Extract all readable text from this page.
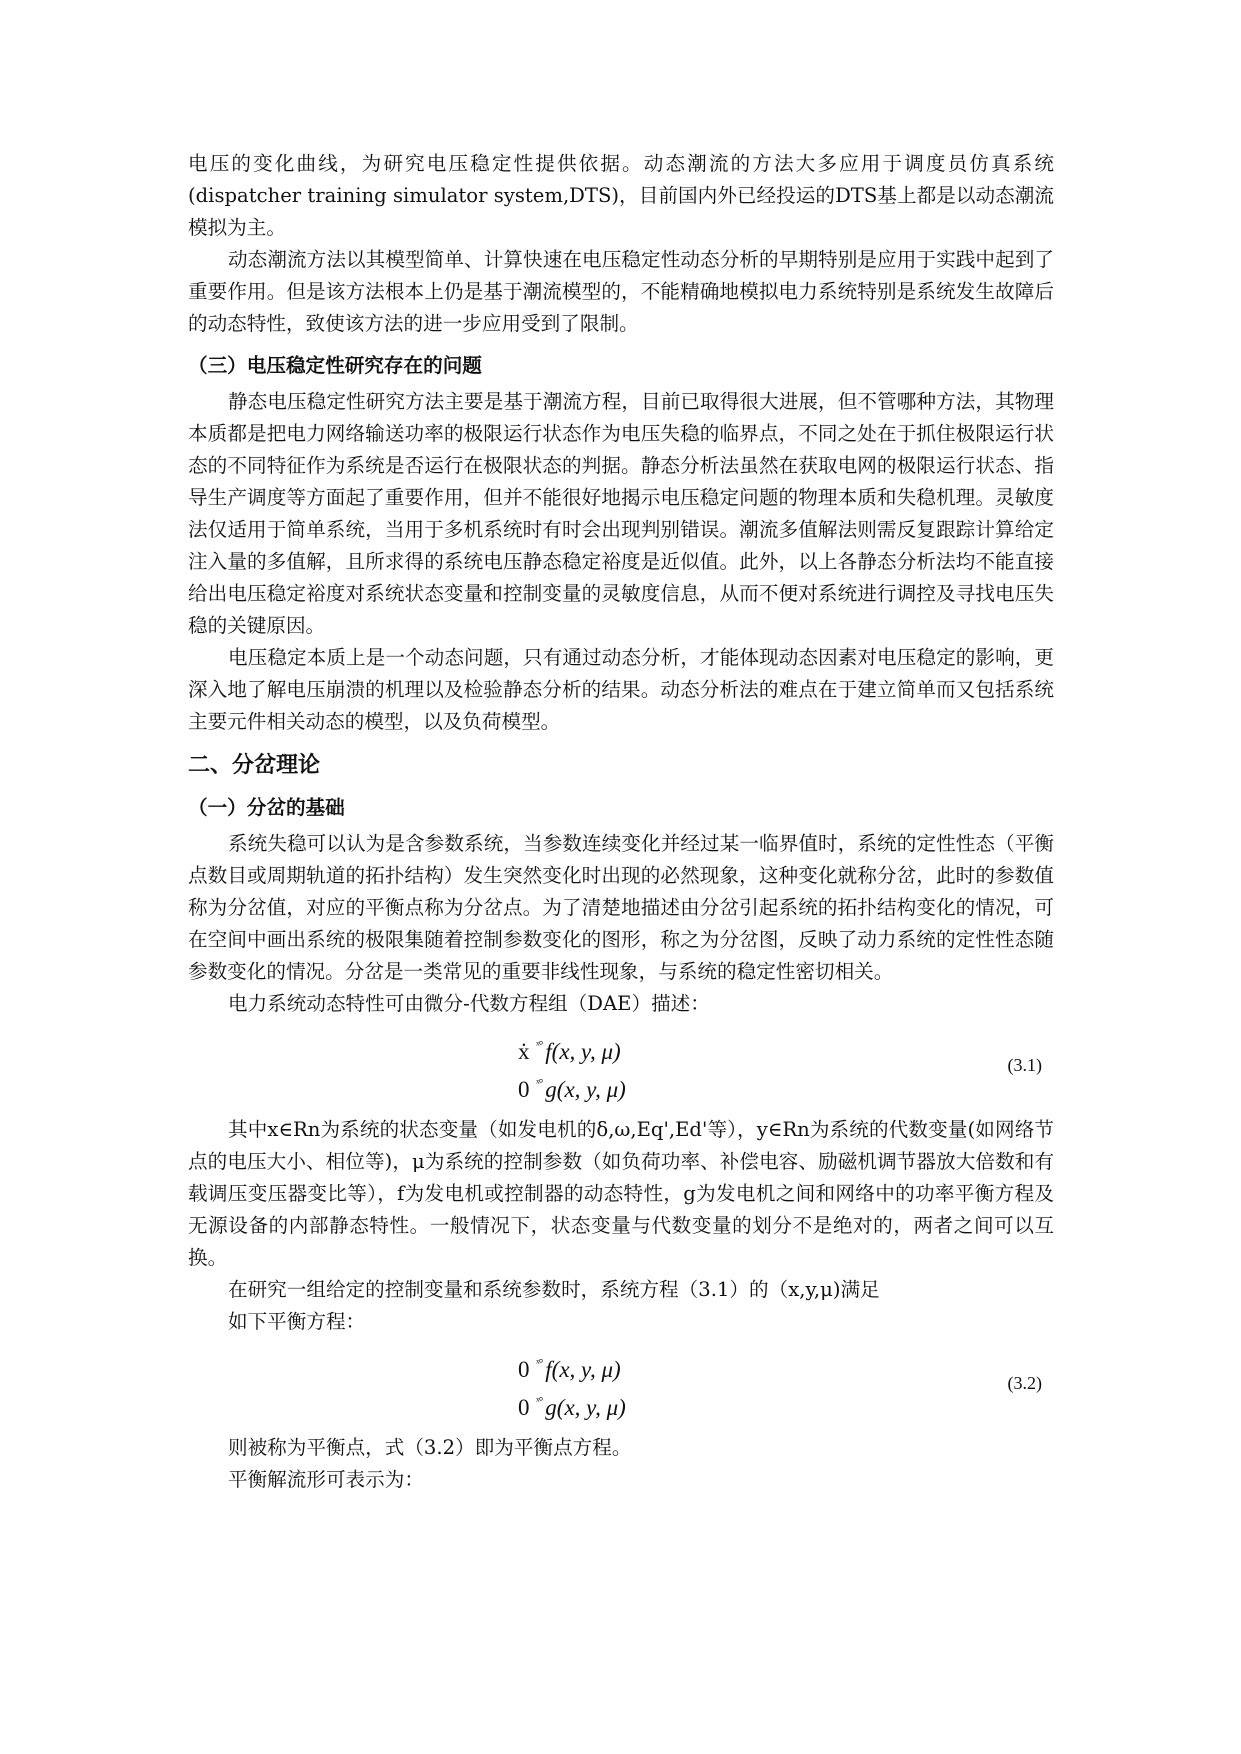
电压的变化曲线，为研究电压稳定性提供依据。动态潮流的方法大多应用于调度员仿真系统(dispatcher training simulator system,DTS)，目前国内外已经投运的DTS基上都是以动态潮流模拟为主。

动态潮流方法以其模型简单、计算快速在电压稳定性动态分析的早期特别是应用于实践中起到了重要作用。但是该方法根本上仍是基于潮流模型的，不能精确地模拟电力系统特别是系统发生故障后的动态特性，致使该方法的进一步应用受到了限制。

（三）电压稳定性研究存在的问题

静态电压稳定性研究方法主要是基于潮流方程，目前已取得很大进展，但不管哪种方法，其物理本质都是把电力网络输送功率的极限运行状态作为电压失稳的临界点，不同之处在于抓住极限运行状态的不同特征作为系统是否运行在极限状态的判据。静态分析法虽然在获取电网的极限运行状态、指导生产调度等方面起了重要作用，但并不能很好地揭示电压稳定问题的物理本质和失稳机理。灵敏度法仅适用于简单系统，当用于多机系统时有时会出现判别错误。潮流多值解法则需反复跟踪计算给定注入量的多值解，且所求得的系统电压静态稳定裕度是近似值。此外，以上各静态分析法均不能直接给出电压稳定裕度对系统状态变量和控制变量的灵敏度信息，从而不便对系统进行调控及寻找电压失稳的关键原因。

电压稳定本质上是一个动态问题，只有通过动态分析，才能体现动态因素对电压稳定的影响，更深入地了解电压崩溃的机理以及检验静态分析的结果。动态分析法的难点在于建立简单而又包括系统主要元件相关动态的模型，以及负荷模型。

二、分岔理论
（一）分岔的基础

系统失稳可以认为是含参数系统，当参数连续变化并经过某一临界值时，系统的定性性态（平衡点数目或周期轨道的拓扑结构）发生突然变化时出现的必然现象，这种变化就称分岔，此时的参数值称为分岔值，对应的平衡点称为分岔点。为了清楚地描述由分岔引起系统的拓扑结构变化的情况，可在空间中画出系统的极限集随着控制参数变化的图形，称之为分岔图，反映了动力系统的定性性态随参数变化的情况。分岔是一类常见的重要非线性现象，与系统的稳定性密切相关。

电力系统动态特性可由微分-代数方程组（DAE）描述：

ẋ $^{ˣ^\circ}$ f(x, y, μ)
0 $^{ˣ^\circ}$ g(x, y, μ)
(3.1)

其中x∈Rn为系统的状态变量（如发电机的δ,ω,Eq',Ed'等），y∈Rn为系统的代数变量(如网络节点的电压大小、相位等)，μ为系统的控制参数（如负荷功率、补偿电容、励磁机调节器放大倍数和有载调压变压器变比等），f为发电机或控制器的动态特性，g为发电机之间和网络中的功率平衡方程及无源设备的内部静态特性。一般情况下，状态变量与代数变量的划分不是绝对的，两者之间可以互换。

在研究一组给定的控制变量和系统参数时，系统方程（3.1）的（x,y,μ)满足

如下平衡方程：

0 $^{ˣ^\circ}$ f(x, y, μ)
0 $^{ˣ^\circ}$ g(x, y, μ)
(3.2)

则被称为平衡点，式（3.2）即为平衡点方程。

平衡解流形可表示为：
